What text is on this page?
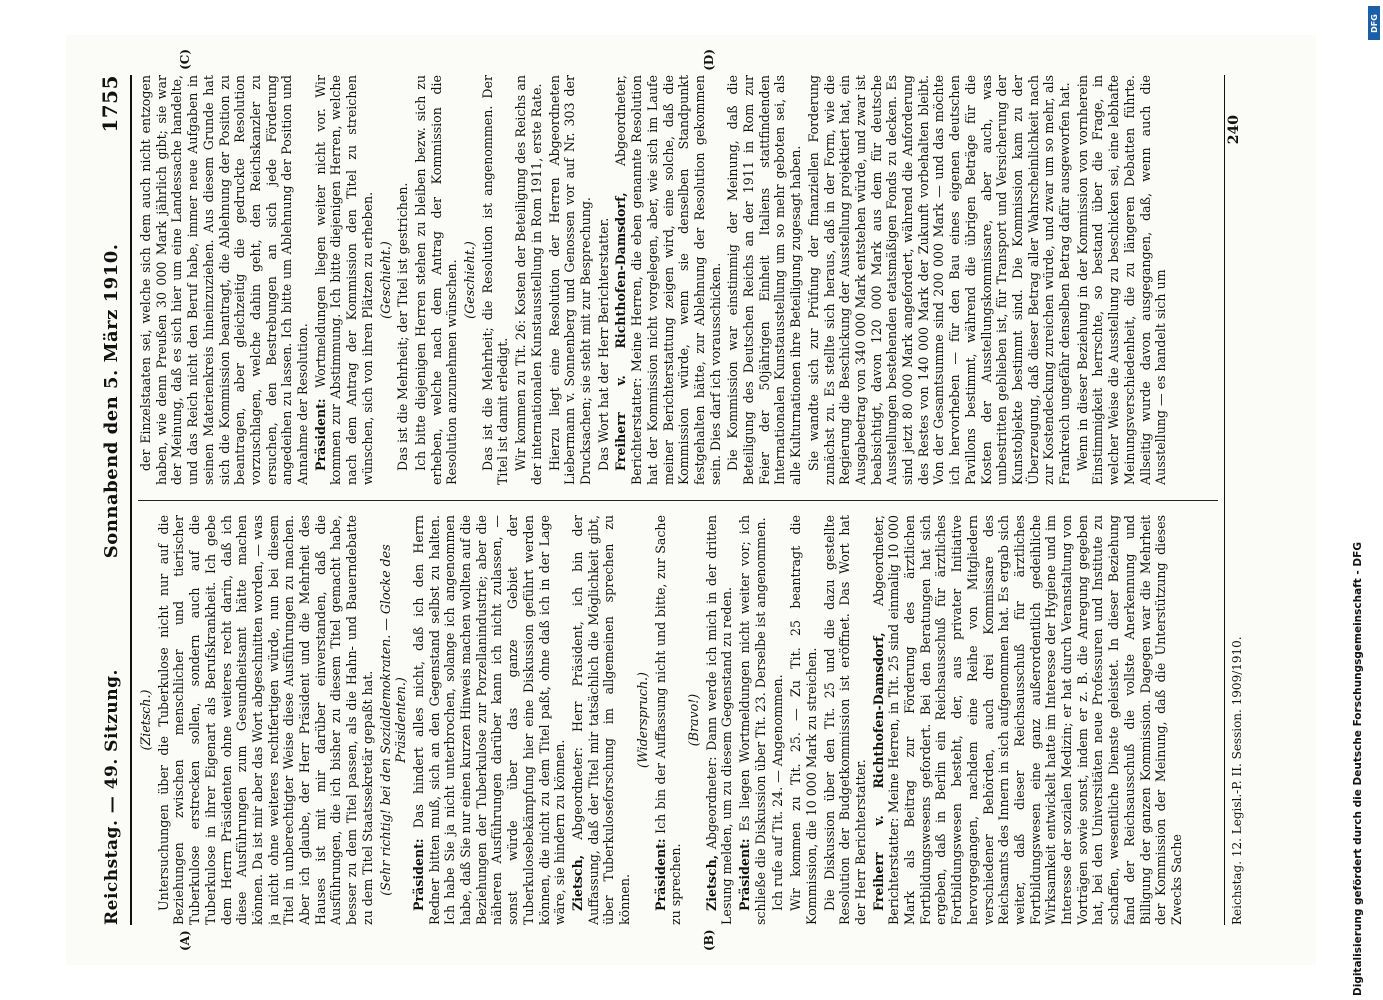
Reichstag. — 49. Sitzung.
Sonnabend den 5. März 1910.
1755
(A)	(B)
(C)	(D)

(Zietsch.) Untersuchungen über die Tuberkulose nicht nur auf die Beziehungen zwischen menschlicher und tierischer Tuberkulose erstrecken sollen, sondern auch auf die Tuberkulose in ihrer Eigenart als Berufskrankheit. Ich gebe dem Herrn Präsidenten ohne weiteres recht darin, daß ich diese Ausführungen zum Gesundheitsamt hätte machen können. Da ist mir aber das Wort abgeschnitten worden, — was ja nicht ohne weiteres rechtfertigen würde, nun bei diesem Titel in unberechtigter Weise diese Ausführungen zu machen. Aber ich glaube, der Herr Präsident und die Mehrheit des Hauses ist mit mir darüber einverstanden, daß die Ausführungen, die ich bisher zu diesem Titel gemacht habe, besser zu dem Titel passen, als die Hahn- und Bauerndebatte zu dem Titel Staatssekretär gepaßt hat. (Sehr richtig! bei den Sozialdemokraten. — Glocke des Präsidenten.)

Präsident: Das hindert alles nicht, daß ich den Herrn Redner bitten muß, sich an den Gegenstand selbst zu halten. Ich habe Sie ja nicht unterbrochen, solange ich angenommen habe, daß Sie nur einen kurzen Hinweis machen wollten auf die Beziehungen der Tuberkulose zur Porzellanindustrie; aber die näheren Ausführungen darüber kann ich nicht zulassen, — sonst würde über das ganze Gebiet der Tuberkulosebekämpfung hier eine Diskussion geführt werden können, die nicht zu dem Titel paßt, ohne daß ich in der Lage wäre, sie hindern zu können. Zietsch, Abgeordneter: Herr Präsident, ich bin der Auffassung, daß der Titel mir tatsächlich die Möglichkeit gibt, über Tuberkuloseforschung im allgemeinen sprechen zu können.

(Widerspruch.)

Präsident: Ich bin der Auffassung nicht und bitte, zur Sache zu sprechen.

(Bravo!)

Zietsch, Abgeordneter: Dann werde ich mich in der dritten Lesung melden, um zu diesem Gegenstand zu reden. Präsident: Es liegen Wortmeldungen nicht weiter vor; ich schließe die Diskussion über Tit. 23. Derselbe ist angenommen. Ich rufe auf Tit. 24. — Angenommen. Wir kommen zu Tit. 25. — Zu Tit. 25 beantragt die Kommission, die 10 000 Mark zu streichen. Die Diskussion über den Tit. 25 und die dazu gestellte Resolution der Budgetkommission ist eröffnet. Das Wort hat der Herr Berichterstatter. Freiherr v. Richthofen-Damsdorf, Abgeordneter, Berichterstatter: Meine Herren, in Tit. 25 sind einmalig 10 000 Mark als Beitrag zur Förderung des ärztlichen Fortbildungswesens gefordert. Bei den Beratungen hat sich ergeben, daß in Berlin ein Reichsausschuß für ärztliches Fortbildungswesen besteht, der, aus privater Initiative hervorgegangen, nachdem eine Reihe von Mitgliedern verschiedener Behörden, auch drei Kommissare des Reichsamts des Innern in sich aufgenommen hat. Es ergab sich weiter, daß dieser Reichsausschuß für ärztliches Fortbildungswesen eine ganz außerordentlich gedeihliche Wirksamkeit entwickelt hatte im Interesse der Hygiene und im Interesse der sozialen Medizin; er hat durch Veranstaltung von Vorträgen sowie sonst, indem er z. B. die Anregung gegeben hat, bei den Universitäten neue Professuren und Institute zu schaffen, wesentliche Dienste geleistet. In dieser Beziehung fand der Reichsausschuß die vollste Anerkennung und Billigung der ganzen Kommission. Dagegen war die Mehrheit der Kommission der Meinung, daß die Unterstützung dieses Zwecks Sache

der Einzelstaaten sei, welche sich dem auch nicht entzogen haben, wie denn Preußen 30 000 Mark jährlich gibt; sie war der Meinung, daß es sich hier um eine Landessache handelte, und das Reich nicht den Beruf habe, immer neue Aufgaben in seinen Materienkreis hineinzuziehen. Aus diesem Grunde hat sich die Kommission beantragt, die Ablehnung der Position zu beantragen, aber gleichzeitig die gedruckte Resolution vorzuschlagen, welche dahin geht, den Reichskanzler zu ersuchen, den Bestrebungen an sich jede Förderung angedeihen zu lassen. Ich bitte um Ablehnung der Position und Annahme der Resolution. Präsident: Wortmeldungen liegen weiter nicht vor. Wir kommen zur Abstimmung. Ich bitte diejenigen Herren, welche nach dem Antrag der Kommission den Titel zu streichen wünschen, sich von ihren Plätzen zu erheben. (Geschieht.) Das ist die Mehrheit; der Titel ist gestrichen. Ich bitte diejenigen Herren stehen zu bleiben bezw. sich zu erheben, welche nach dem Antrag der Kommission die Resolution anzunehmen wünschen. (Geschieht.) Das ist die Mehrheit; die Resolution ist angenommen. Der Titel ist damit erledigt. Wir kommen zu Tit. 26: Kosten der Beteiligung des Reichs an der internationalen Kunstausstellung in Rom 1911, erste Rate. Hierzu liegt eine Resolution der Herren Abgeordneten Liebermann v. Sonnenberg und Genossen vor auf Nr. 303 der Drucksachen; sie steht mit zur Besprechung. Das Wort hat der Herr Berichterstatter. Freiherr v. Richthofen-Damsdorf, Abgeordneter, Berichterstatter: Meine Herren, die eben genannte Resolution hat der Kommission nicht vorgelegen, aber, wie sich im Laufe meiner Berichterstattung zeigen wird, eine solche, daß die Kommission würde, wenn sie denselben Standpunkt festgehalten hätte, zur Ablehnung der Resolution gekommen sein. Dies darf ich vorausschicken. Die Kommission war einstimmig der Meinung, daß die Beteiligung des Deutschen Reichs an der 1911 in Rom zur Feier der 50jährigen Einheit Italiens stattfindenden Internationalen Kunstausstellung um so mehr geboten sei, als alle Kulturnationen ihre Beteiligung zugesagt haben. Sie wandte sich zur Prüfung der finanziellen Forderung zunächst zu. Es stellte sich heraus, daß in der Form, wie die Regierung die Beschickung der Ausstellung projektiert hat, ein Ausgabeetrag von 340 000 Mark entstehen würde, und zwar ist beabsichtigt, davon 120 000 Mark aus dem für deutsche Ausstellungen bestehenden etatsmäßigen Fonds zu decken. Es sind jetzt 80 000 Mark angefordert, während die Anforderung des Restes von 140 000 Mark der Zukunft vorbehalten bleibt. Von der Gesamtsumme sind 200 000 Mark — und das möchte ich hervorheben — für den Bau eines eigenen deutschen Pavillons bestimmt, während die übrigen Beträge für die Kosten der Ausstellungskommissare, aber auch, was unbestritten geblieben ist, für Transport und Versicherung der Kunstobjekte bestimmt sind. Die Kommission kam zu der Überzeugung, daß dieser Betrag aller Wahrscheinlichkeit nach zur Kostendeckung zureichen würde, und zwar um so mehr, als Frankreich ungefähr denselben Betrag dafür ausgeworfen hat. Wenn in dieser Beziehung in der Kommission von vornherein Einstimmigkeit herrschte, so bestand über die Frage, in welcher Weise die Ausstellung zu beschicken sei, eine lebhafte Meinungsverschiedenheit, die zu längeren Debatten führte. Allseitig wurde davon ausgegangen, daß, wenn auch die Ausstellung — es handelt sich um

Reichstag. 12. Legisl.-P. II. Session. 1909/1910.
240
Digitalisierung gefördert durch die Deutsche Forschungsgemeinschaft - DFG
DFG
